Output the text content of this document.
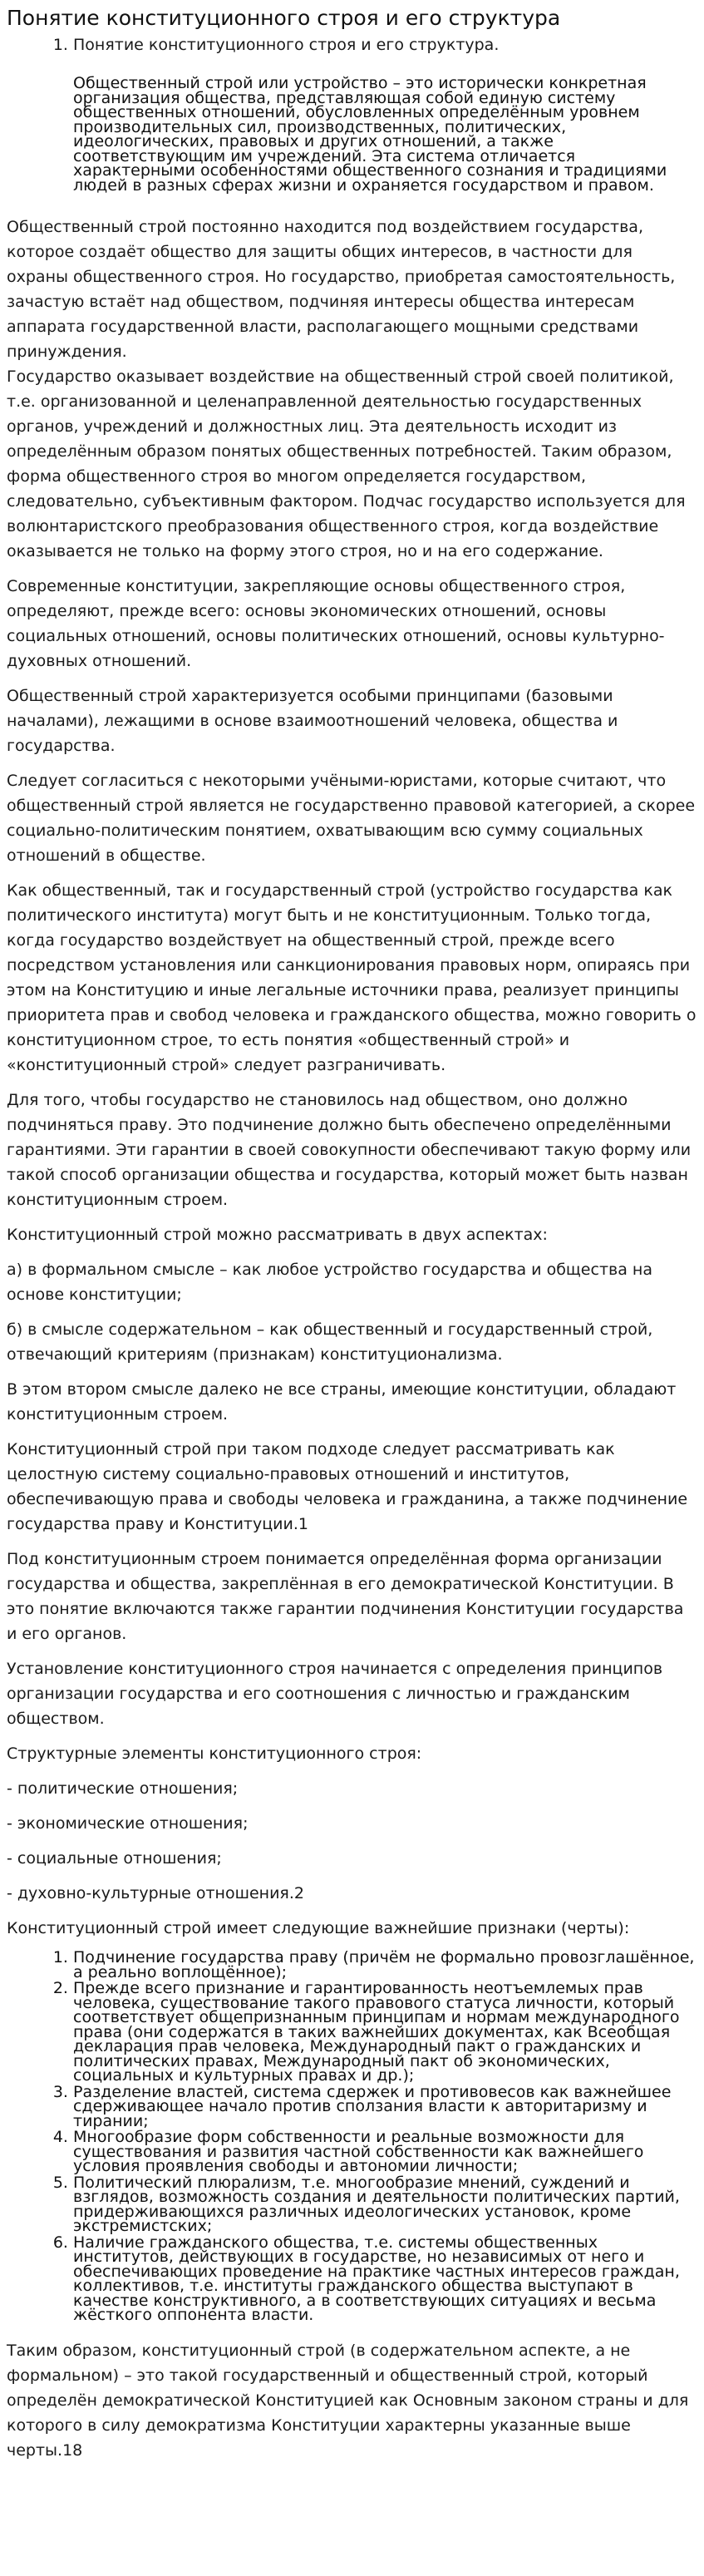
Понятие конституционного строя и его структура

1. Понятие конституционного строя и его структура.

Общественный строй или устройство – это исторически конкретная организация общества, представляющая собой единую систему общественных отношений, обусловленных определённым уровнем производительных сил, производственных, политических, идеологических, правовых и других отношений, а также соответствующим им учреждений. Эта система отличается характерными особенностями общественного сознания и традициями людей в разных сферах жизни и охраняется государством и правом.

Общественный строй постоянно находится под воздействием государства, которое создаёт общество для защиты общих интересов, в частности для охраны общественного строя. Но государство, приобретая самостоятельность, зачастую встаёт над обществом, подчиняя интересы общества интересам аппарата государственной власти, располагающего мощными средствами принуждения.

Государство оказывает воздействие на общественный строй своей политикой, т.е. организованной и целенаправленной деятельностью государственных органов, учреждений и должностных лиц. Эта деятельность исходит из определённым образом понятых общественных потребностей. Таким образом, форма общественного строя во многом определяется государством, следовательно, субъективным фактором. Подчас государство используется для волюнтаристского преобразования общественного строя, когда воздействие оказывается не только на форму этого строя, но и на его содержание.

Современные конституции, закрепляющие основы общественного строя, определяют, прежде всего: основы экономических отношений, основы социальных отношений, основы политических отношений, основы культурно-духовных отношений.

Общественный строй характеризуется особыми принципами (базовыми началами), лежащими в основе взаимоотношений человека, общества и государства.

Следует согласиться с некоторыми учёными-юристами, которые считают, что общественный строй является не государственно правовой категорией, а скорее социально-политическим понятием, охватывающим всю сумму социальных отношений в обществе.

Как общественный, так и государственный строй (устройство государства как политического института) могут быть и не конституционным. Только тогда, когда государство воздействует на общественный строй, прежде всего посредством установления или санкционирования правовых норм, опираясь при этом на Конституцию и иные легальные источники права, реализует принципы приоритета прав и свобод человека и гражданского общества, можно говорить о конституционном строе, то есть понятия «общественный строй» и «конституционный строй» следует разграничивать.

Для того, чтобы государство не становилось над обществом, оно должно подчиняться праву. Это подчинение должно быть обеспечено определёнными гарантиями. Эти гарантии в своей совокупности обеспечивают такую форму или такой способ организации общества и государства, который может быть назван конституционным строем.

Конституционный строй можно рассматривать в двух аспектах:

а) в формальном смысле – как любое устройство государства и общества на основе конституции;

б) в смысле содержательном – как общественный и государственный строй, отвечающий критериям (признакам) конституционализма.

В этом втором смысле далеко не все страны, имеющие конституции, обладают конституционным строем.

Конституционный строй при таком подходе следует рассматривать как целостную систему социально-правовых отношений и институтов, обеспечивающую права и свободы человека и гражданина, а также подчинение государства праву и Конституции.1

Под конституционным строем понимается определённая форма организации государства и общества, закреплённая в его демократической Конституции. В это понятие включаются также гарантии подчинения Конституции государства и его органов.

Установление конституционного строя начинается с определения принципов организации государства и его соотношения с личностью и гражданским обществом.

Структурные элементы конституционного строя:

- политические отношения;

- экономические отношения;

- социальные отношения;

- духовно-культурные отношения.2

Конституционный строй имеет следующие важнейшие признаки (черты):

1. Подчинение государства праву (причём не формально провозглашённое, а реально воплощённое);
2. Прежде всего признание и гарантированность неотъемлемых прав человека, существование такого правового статуса личности, который соответствует общепризнанным принципам и нормам международного права (они содержатся в таких важнейших документах, как Всеобщая декларация прав человека, Международный пакт о гражданских и политических правах, Международный пакт об экономических, социальных и культурных правах и др.);
3. Разделение властей, система сдержек и противовесов как важнейшее сдерживающее начало против сползания власти к авторитаризму и тирании;
4. Многообразие форм собственности и реальные возможности для существования и развития частной собственности как важнейшего условия проявления свободы и автономии личности;
5. Политический плюрализм, т.е. многообразие мнений, суждений и взглядов, возможность создания и деятельности политических партий, придерживающихся различных идеологических установок, кроме экстремистских;
6. Наличие гражданского общества, т.е. системы общественных институтов, действующих в государстве, но независимых от него и обеспечивающих проведение на практике частных интересов граждан, коллективов, т.е. институты гражданского общества выступают в качестве конструктивного, а в соответствующих ситуациях и весьма жёсткого оппонента власти.

Таким образом, конституционный строй (в содержательном аспекте, а не формальном) – это такой государственный и общественный строй, который определён демократической Конституцией как Основным законом страны и для которого в силу демократизма Конституции характерны указанные выше черты.18
